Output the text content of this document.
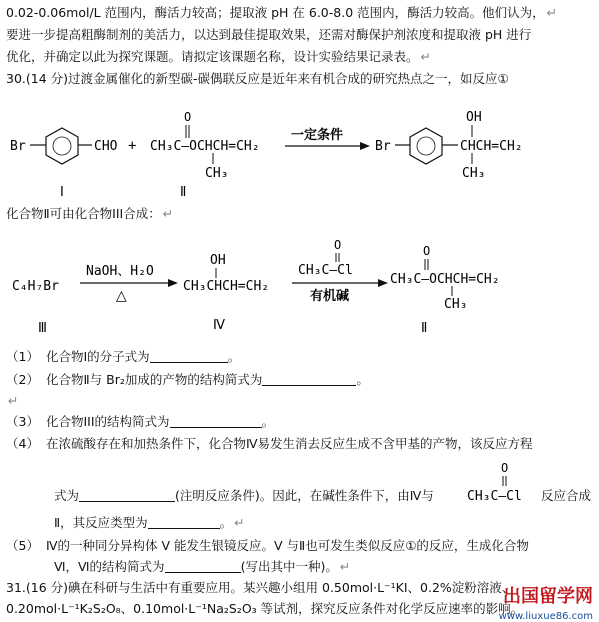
0.02-0.06mol/L 范围内，酶活力较高；提取液 pH 在 6.0-8.0 范围内，酶活力较高。他们认为， ↵
要进一步提高粗酶制剂的美活力，以达到最佳提取效果，还需对酶保护剂浓度和提取液 pH 进行
优化，并确定以此为探究课题。请拟定该课题名称，设计实验结果记录表。 ↵
30.(14 分)过渡金属催化的新型碳-碳偶联反应是近年来有机合成的研究热点之一，如反应①
Br	CHO +
O
CH₃C—OCHCH=CH₂
CH₃
一定条件
Br
OH
CHCH=CH₂
CH₃
Ⅰ	Ⅱ
化合物Ⅱ可由化合物III合成： ↵
C₄H₇Br
NaOH、H₂O
△
OH
CH₃CHCH=CH₂
O
CH₃C—Cl
有机碱
O
CH₃C—OCHCH=CH₂
CH₃
Ⅲ	Ⅳ	Ⅱ
（1） 化合物Ⅰ的分子式为	。
（2） 化合物Ⅱ与 Br₂加成的产物的结构简式为	。
↵
（3） 化合物III的结构简式为	。
（4） 在浓硫酸存在和加热条件下，化合物Ⅳ易发生消去反应生成不含甲基的产物，该反应方程
式为	(注明反应条件)。因此，在碱性条件下，由Ⅳ与
O
CH₃C—Cl 反应合成
Ⅱ，其反应类型为	。 ↵
（5） Ⅳ的一种同分异构体 V 能发生银镜反应。V 与Ⅱ也可发生类似反应①的反应，生成化合物
Ⅵ，Ⅵ的结构简式为	(写出其中一种)。 ↵
31.(16 分)碘在科研与生活中有重要应用。某兴趣小组用 0.50mol·L⁻¹KI、0.2%淀粉溶液、
0.20mol·L⁻¹K₂S₂O₈、0.10mol·L⁻¹Na₂S₂O₃ 等试剂，探究反应条件对化学反应速率的影响。
出国留学网
www.liuxue86.com
